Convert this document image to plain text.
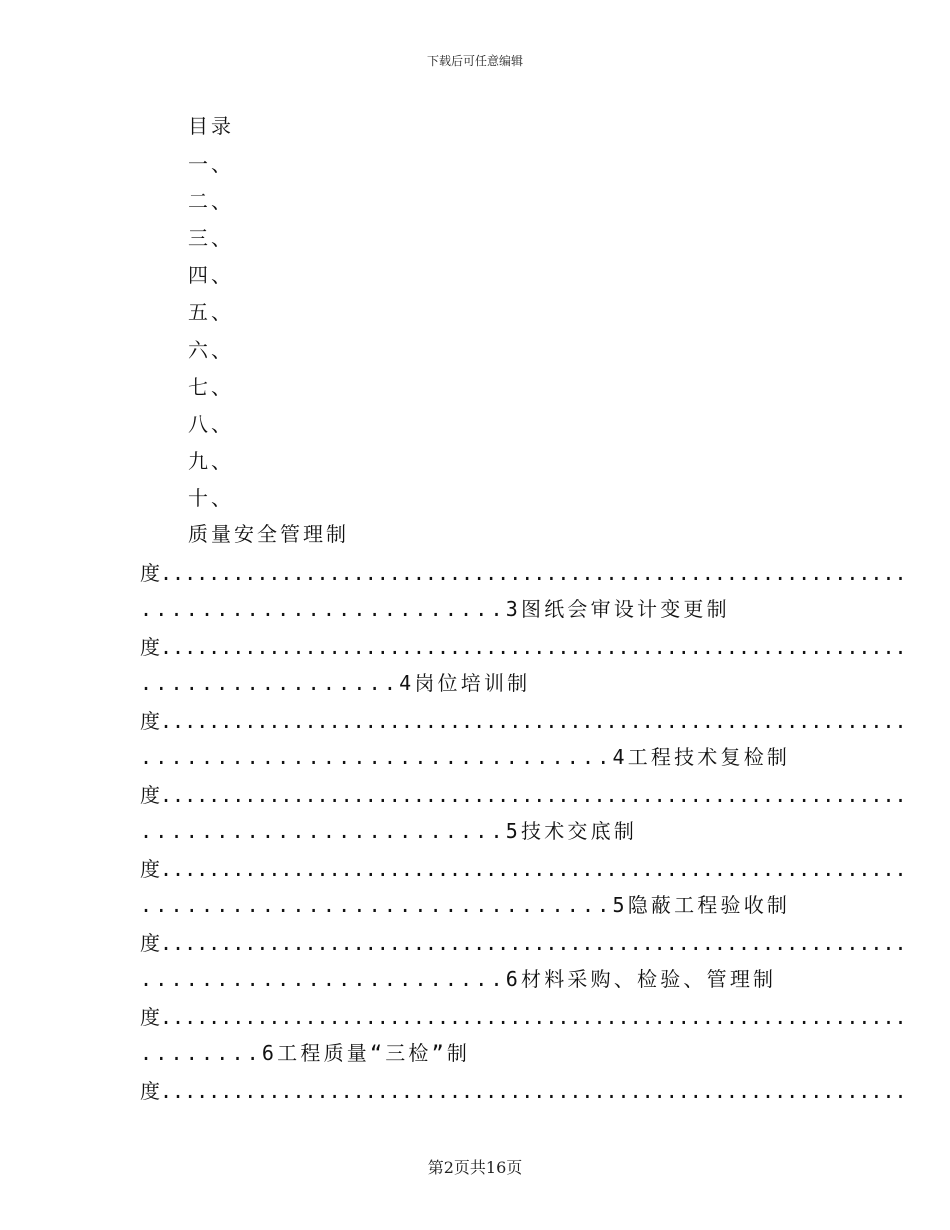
下载后可任意编辑
目录
一、
二、
三、
四、
五、
六、
七、
八、
九、
十、
质量安全管理制
度..............................................................
........................3图纸会审设计变更制
度..............................................................
.................4岗位培训制
度..............................................................
...............................4工程技术复检制
度..............................................................
........................5技术交底制
度..............................................................
...............................5隐蔽工程验收制
度..............................................................
........................6材料采购、检验、管理制
度..............................................................
........6工程质量“三检”制
度..............................................................
第2页共16页
